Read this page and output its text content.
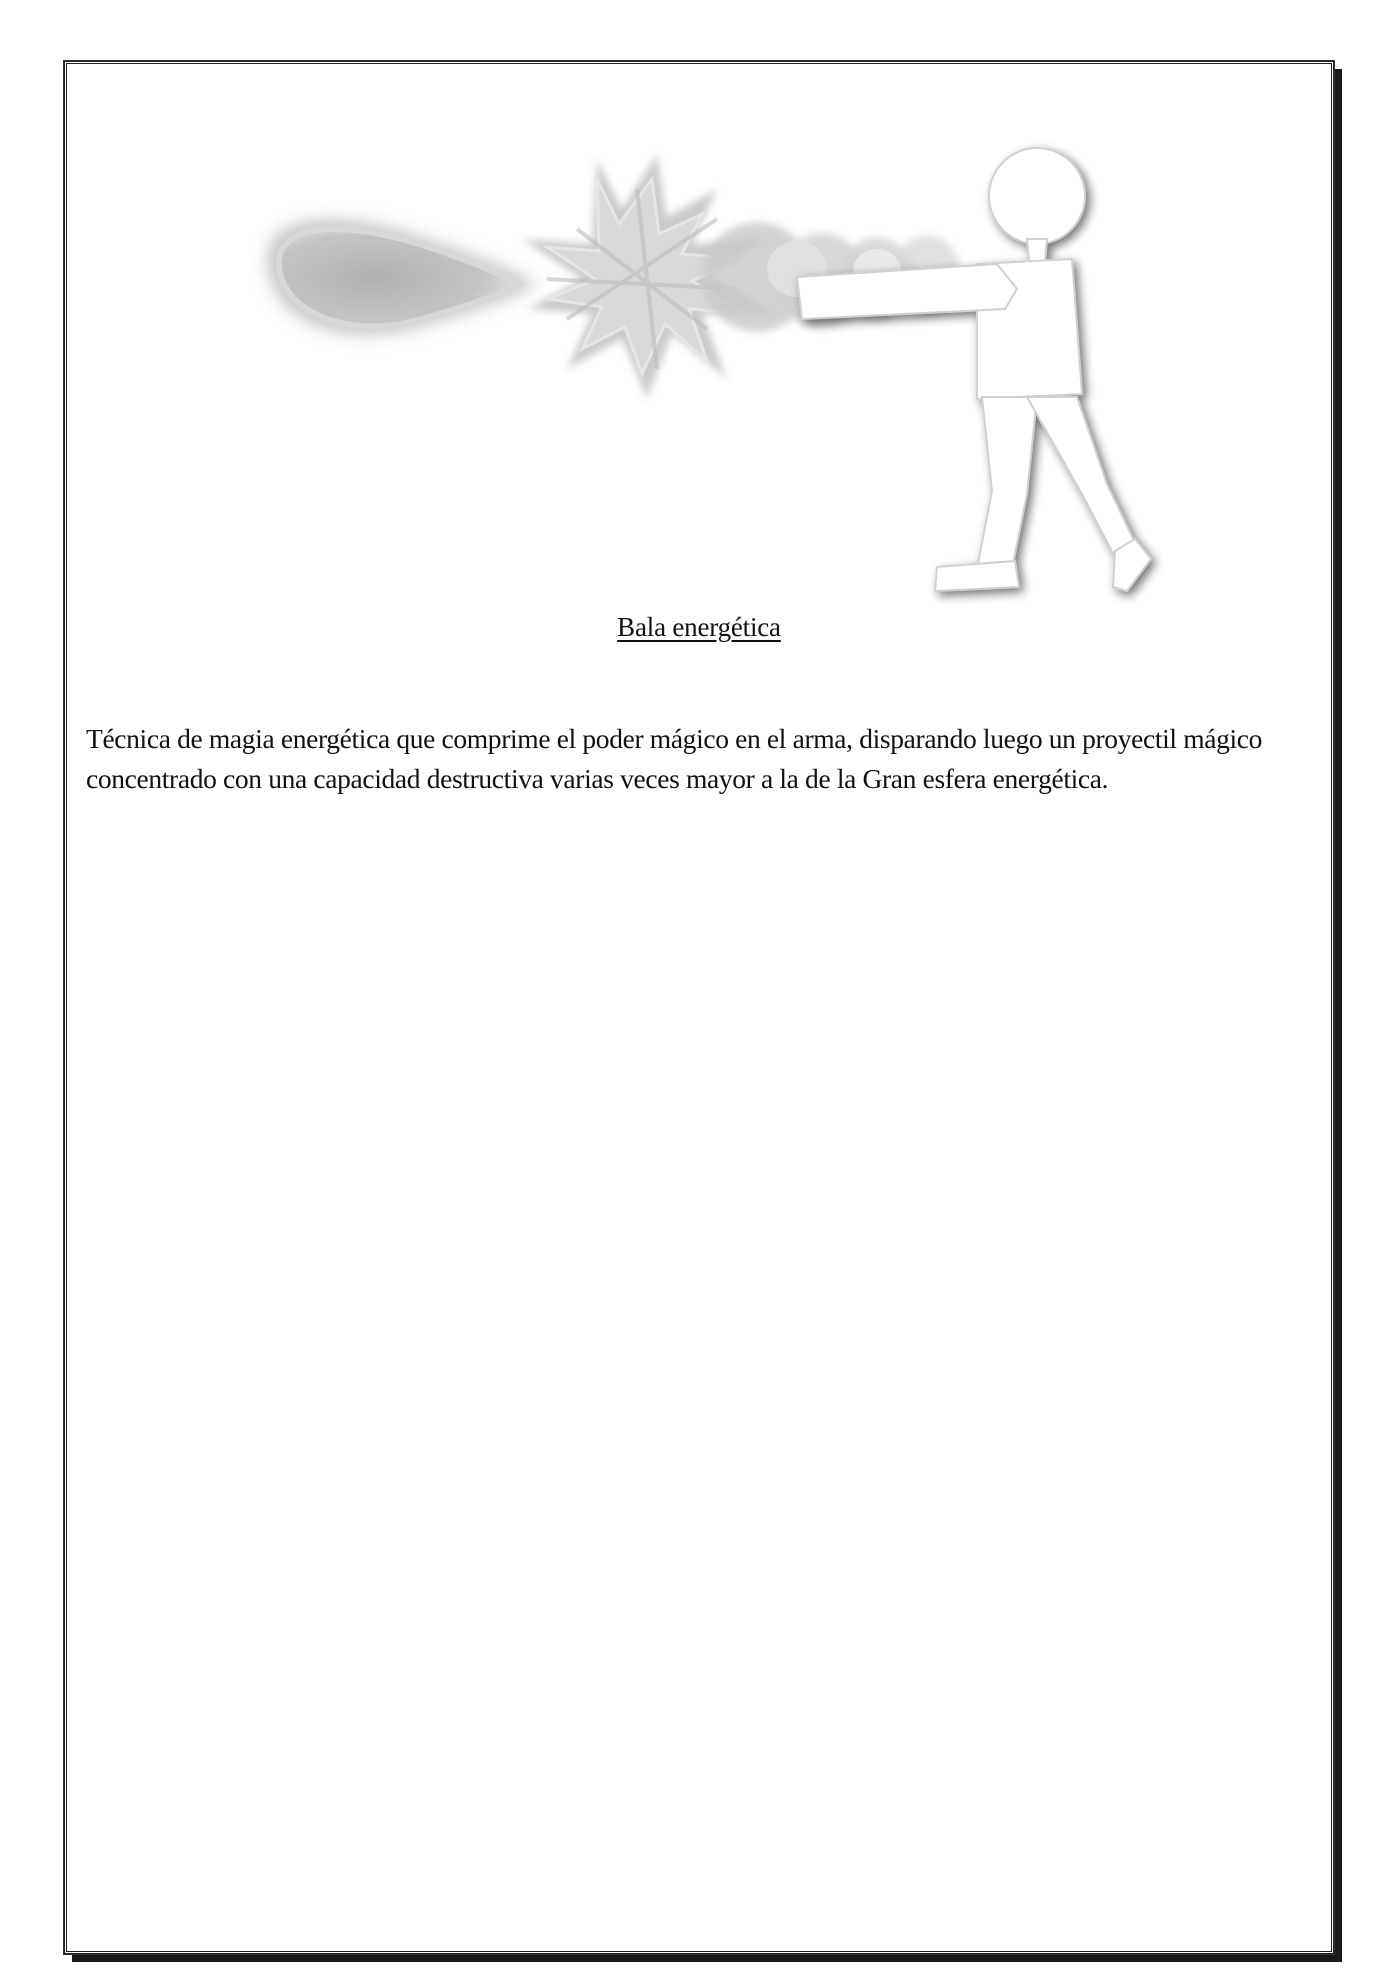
Bala energética

Técnica de magia energética que comprime el poder mágico en el arma, disparando luego un proyectil mágico concentrado con una capacidad destructiva varias veces mayor a la de la Gran esfera energética.
